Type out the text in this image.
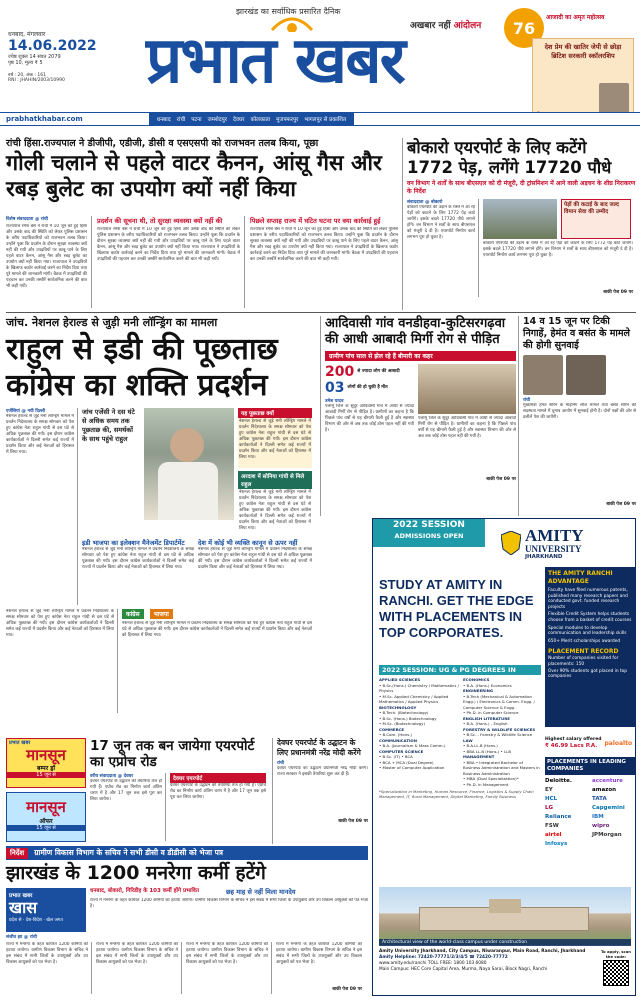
झारखंड का सर्वाधिक प्रसारित दैनिक
धनबाद, मंगलवार
14.06.2022
ज्येष्ठ शुक्ल 14 संवत 2079
पृष्ठ 10, मूल्य ₹ 5
वर्ष : 20, अंक : 161
RNI : JHAHIN/2003/10990	प्रभात खबर अखबार नहीं आंदोलन 76
आजादी का अमृत महोत्सव
देश प्रेम की खातिर जेपी से छोड़ा ब्रिटिश सरकारी स्कॉलरशिप
prabhatkhabar.com	धनबाद रांची पटना जमशेदपुर देवघर कोलकाता मुजफ्फरपुर भागलपुर से प्रकाशित
रांची हिंसा.राज्यपाल ने डीजीपी, एडीजी, डीसी व एसएसपी को राजभवन तलब किया, पूछा
गोली चलाने से पहले वाटर कैनन, आंसू गैस और रबड़ बुलेट का उपयोग क्यों नहीं किया
विशेष संवाददाता @ रांची
राज्यपाल रमेश बैस ने रांची में 10 जून को हुई हिंसा और उसके बाद की स्थिति को लेकर पुलिस प्रशासन के वरीय पदाधिकारियों को राजभवन तलब किया। उन्होंने पूछा कि प्रदर्शन के दौरान सुरक्षा व्यवस्था क्यों नहीं की गयी और उपद्रवियों पर काबू पाने के लिए पहले वाटर कैनन, आंसू गैस और रबड़ बुलेट का उपयोग क्यों नहीं किया गया। राज्यपाल ने उपद्रवियों के खिलाफ कठोर कार्रवाई करने का निर्देश दिया तथा पूरे मामले की जानकारी मांगी। बैठक में उपद्रवियों की पहचान कर उनकी तस्वीरें सार्वजनिक करने की बात भी कही गयी।
प्रदर्शन की सूचना थी, तो सुरक्षा व्यवस्था क्यों नहीं की
राज्यपाल रमेश बैस ने रांची में 10 जून को हुई हिंसा और उसके बाद की स्थिति को लेकर पुलिस प्रशासन के वरीय पदाधिकारियों को राजभवन तलब किया। उन्होंने पूछा कि प्रदर्शन के दौरान सुरक्षा व्यवस्था क्यों नहीं की गयी और उपद्रवियों पर काबू पाने के लिए पहले वाटर कैनन, आंसू गैस और रबड़ बुलेट का उपयोग क्यों नहीं किया गया। राज्यपाल ने उपद्रवियों के खिलाफ कठोर कार्रवाई करने का निर्देश दिया तथा पूरे मामले की जानकारी मांगी। बैठक में उपद्रवियों की पहचान कर उनकी तस्वीरें सार्वजनिक करने की बात भी कही गयी।
पिछले सप्ताह राज्य में घटित घटना पर क्या कार्रवाई हुई
राज्यपाल रमेश बैस ने रांची में 10 जून को हुई हिंसा और उसके बाद की स्थिति को लेकर पुलिस प्रशासन के वरीय पदाधिकारियों को राजभवन तलब किया। उन्होंने पूछा कि प्रदर्शन के दौरान सुरक्षा व्यवस्था क्यों नहीं की गयी और उपद्रवियों पर काबू पाने के लिए पहले वाटर कैनन, आंसू गैस और रबड़ बुलेट का उपयोग क्यों नहीं किया गया। राज्यपाल ने उपद्रवियों के खिलाफ कठोर कार्रवाई करने का निर्देश दिया तथा पूरे मामले की जानकारी मांगी। बैठक में उपद्रवियों की पहचान कर उनकी तस्वीरें सार्वजनिक करने की बात भी कही गयी।
बोकारो एयरपोर्ट के लिए कटेंगे 1772 पेड़, लगेंगे 17720 पौधे
वन विभाग ने शर्तों के साथ बीएसएल को दी मंजूरी, दी ट्रांसमिशन में आने वाली अड़चन के शीघ्र निराकरण के निर्देश
संवाददाता @ बोकारो
बोकारो एयरपोर्ट की उड़ान के रास्ते में आ रहे पेड़ों को काटने के लिए 1772 पेड़ काटे जायेंगे। इसके बदले 17720 पौधे लगाने होंगे। वन विभाग ने शर्तों के साथ बीएसएल को मंजूरी दे दी है। एयरपोर्ट निर्माण कार्य लगभग पूरा हो चुका है।
पेड़ों की कटाई के बाद जल्द विमान सेवा की उम्मीद
बोकारो एयरपोर्ट की उड़ान के रास्ते में आ रहे पेड़ों को काटने के लिए 1772 पेड़ काटे जायेंगे। इसके बदले 17720 पौधे लगाने होंगे। वन विभाग ने शर्तों के साथ बीएसएल को मंजूरी दे दी है। एयरपोर्ट निर्माण कार्य लगभग पूरा हो चुका है।
बाकी पेज 09 पर
जांच. नेशनल हेराल्ड से जुड़ी मनी लॉन्ड्रिंग का मामला
राहुल से इडी की पूछताछ कांग्रेस का शक्ति प्रदर्शन
एजेंसियां @ नयी दिल्ली
नेशनल हेराल्ड से जुड़े मनी लॉन्ड्रिंग मामले में प्रवर्तन निदेशालय के समक्ष सोमवार को पेश हुए कांग्रेस नेता राहुल गांधी से दस घंटे से अधिक पूछताछ की गयी। इस दौरान कांग्रेस कार्यकर्ताओं ने दिल्ली समेत कई राज्यों में प्रदर्शन किया और कई नेताओं को हिरासत में लिया गया।
जांच एजेंसी ने दस घंटे से अधिक समय तक पूछताछ की, समर्थकों के साथ पहुंचे राहुल
यह पूछताछ क्यों
नेशनल हेराल्ड से जुड़े मनी लॉन्ड्रिंग मामले में प्रवर्तन निदेशालय के समक्ष सोमवार को पेश हुए कांग्रेस नेता राहुल गांधी से दस घंटे से अधिक पूछताछ की गयी। इस दौरान कांग्रेस कार्यकर्ताओं ने दिल्ली समेत कई राज्यों में प्रदर्शन किया और कई नेताओं को हिरासत में लिया गया।
अरदाश में सोनिया गांधी से मिले राहुल
नेशनल हेराल्ड से जुड़े मनी लॉन्ड्रिंग मामले में प्रवर्तन निदेशालय के समक्ष सोमवार को पेश हुए कांग्रेस नेता राहुल गांधी से दस घंटे से अधिक पूछताछ की गयी। इस दौरान कांग्रेस कार्यकर्ताओं ने दिल्ली समेत कई राज्यों में प्रदर्शन किया और कई नेताओं को हिरासत में लिया गया।
इडी भाजपा का इलेक्शन मैनेजमेंट डिपार्टमेंट
नेशनल हेराल्ड से जुड़े मनी लॉन्ड्रिंग मामले में प्रवर्तन निदेशालय के समक्ष सोमवार को पेश हुए कांग्रेस नेता राहुल गांधी से दस घंटे से अधिक पूछताछ की गयी। इस दौरान कांग्रेस कार्यकर्ताओं ने दिल्ली समेत कई राज्यों में प्रदर्शन किया और कई नेताओं को हिरासत में लिया गया।
देश में कोई भी व्यक्ति कानून से ऊपर नहीं
नेशनल हेराल्ड से जुड़े मनी लॉन्ड्रिंग मामले में प्रवर्तन निदेशालय के समक्ष सोमवार को पेश हुए कांग्रेस नेता राहुल गांधी से दस घंटे से अधिक पूछताछ की गयी। इस दौरान कांग्रेस कार्यकर्ताओं ने दिल्ली समेत कई राज्यों में प्रदर्शन किया और कई नेताओं को हिरासत में लिया गया।
नेशनल हेराल्ड से जुड़े मनी लॉन्ड्रिंग मामले में प्रवर्तन निदेशालय के समक्ष सोमवार को पेश हुए कांग्रेस नेता राहुल गांधी से दस घंटे से अधिक पूछताछ की गयी। इस दौरान कांग्रेस कार्यकर्ताओं ने दिल्ली समेत कई राज्यों में प्रदर्शन किया और कई नेताओं को हिरासत में लिया गया।
कांग्रेस	भाजपा
नेशनल हेराल्ड से जुड़े मनी लॉन्ड्रिंग मामले में प्रवर्तन निदेशालय के समक्ष सोमवार को पेश हुए कांग्रेस नेता राहुल गांधी से दस घंटे से अधिक पूछताछ की गयी। इस दौरान कांग्रेस कार्यकर्ताओं ने दिल्ली समेत कई राज्यों में प्रदर्शन किया और कई नेताओं को हिरासत में लिया गया।
आदिवासी गांव वनडीहवा-कुटिसरगढ़वा की आधी आबादी मिर्गी रोग से पीड़ित
ग्रामीण पांच साल से झेल रहे हैं बीमारी का कहर
200 से ज्यादा लोग की आबादी
03 लोगों की हो चुकी है मौत
उमेश यादव
पलामू जिले के सुदूर आदिवासी गांव में आधी से ज्यादा आबादी मिर्गी रोग से पीड़ित है। ग्रामीणों का कहना है कि पिछले पांच वर्षों से यह बीमारी फैली हुई है और स्वास्थ्य विभाग की ओर से अब तक कोई ठोस पहल नहीं की गयी है।
पलामू जिले के सुदूर आदिवासी गांव में आधी से ज्यादा आबादी मिर्गी रोग से पीड़ित है। ग्रामीणों का कहना है कि पिछले पांच वर्षों से यह बीमारी फैली हुई है और स्वास्थ्य विभाग की ओर से अब तक कोई ठोस पहल नहीं की गयी है।
बाकी पेज 09 पर
14 व 15 जून पर टिकी निगाहें, हेमंत व बसंत के मामले की होगी सुनवाई
रांची
मुख्यमंत्री हेमंत सोरेन के माइनिंग लीज मामले तथा बसंत सोरेन की सदस्यता मामले में चुनाव आयोग में सुनवाई होनी है। दोनों पक्षों की ओर से दलीलें पेश की जायेंगी।
बाकी पेज 09 पर
प्रभात खबर
मानसून
बम्पर ड्रॉ
15 जून से
मानसून
ऑफर
15 जून से
17 जून तक बन जायेगा एयरपोर्ट का एप्रोच रोड
वरीय संवाददाता @ देवघर
देवघर एयरपोर्ट के उद्घाटन की तैयारियां तेज हो गयी हैं। एप्रोच रोड का निर्माण कार्य अंतिम चरण में है और 17 जून तक इसे पूरा कर लिया जायेगा।
देवघर एयरपोर्ट
देवघर एयरपोर्ट के उद्घाटन की तैयारियां तेज हो गयी हैं। एप्रोच रोड का निर्माण कार्य अंतिम चरण में है और 17 जून तक इसे पूरा कर लिया जायेगा।
देवघर एयरपोर्ट के उद्घाटन के लिए प्रधानमंत्री नरेंद्र मोदी करेंगे
रांची
देवघर एयरपोर्ट का उद्घाटन प्रधानमंत्री नरेंद्र मोदी करेंगे। राज्य सरकार ने इसकी तैयारियां शुरू कर दी हैं।
बाकी पेज 09 पर
निर्देश	ग्रामीण विकास विभाग के सचिव ने सभी डीसी व डीडीसी को भेजा पत्र
झारखंड के 1200 मनरेगा कर्मी हटेंगे
प्रभात खबर
खास
प्रदेश से · देश-विदेश · खेल जगत
धनबाद, बोकारो, गिरिडीह के 103 कर्मी होंगे प्रभावित	छह माह से नहीं मिला मानदेय
राज्य में मनरेगा के तहत कार्यरत 1200 कर्मियों को हटाया जायेगा। ग्रामीण विकास विभाग के सचिव ने इस संबंध में सभी जिलों के उपायुक्तों और उप विकास आयुक्तों को पत्र भेजा है।
संजीव झा @ रांची
राज्य में मनरेगा के तहत कार्यरत 1200 कर्मियों को हटाया जायेगा। ग्रामीण विकास विभाग के सचिव ने इस संबंध में सभी जिलों के उपायुक्तों और उप विकास आयुक्तों को पत्र भेजा है।
राज्य में मनरेगा के तहत कार्यरत 1200 कर्मियों को हटाया जायेगा। ग्रामीण विकास विभाग के सचिव ने इस संबंध में सभी जिलों के उपायुक्तों और उप विकास आयुक्तों को पत्र भेजा है।
राज्य में मनरेगा के तहत कार्यरत 1200 कर्मियों को हटाया जायेगा। ग्रामीण विकास विभाग के सचिव ने इस संबंध में सभी जिलों के उपायुक्तों और उप विकास आयुक्तों को पत्र भेजा है।
राज्य में मनरेगा के तहत कार्यरत 1200 कर्मियों को हटाया जायेगा। ग्रामीण विकास विभाग के सचिव ने इस संबंध में सभी जिलों के उपायुक्तों और उप विकास आयुक्तों को पत्र भेजा है।
बाकी पेज 09 पर
2022 SESSION
ADMISSIONS OPEN	AMITY
UNIVERSITY
JHARKHAND
STUDY AT AMITY IN RANCHI. GET THE EDGE WITH PLACEMENTS IN TOP CORPORATES.
THE AMITY RANCHI ADVANTAGE
Faculty have filed numerous patents, published many research papers and conducted govt. funded research projects
Flexible Credit System helps students choose from a basket of credit courses
Special modules to develop communication and leadership skills
650+ Merit scholarships awarded
PLACEMENT RECORD
Number of companies visited for placements: 150
Over 90% students got placed in top companies
2022 SESSION: UG & PG DEGREES IN
APPLIED SCIENCES
• B.Sc.(Hons.) Chemistry / Mathematics / Physics
• M.Sc. Applied Chemistry / Applied Mathematics / Applied Physics
BIOTECHNOLOGY
• B.Tech. (Biotechnology)
• B.Sc. (Hons.) Biotechnology
• M.Sc. (Biotechnology)
COMMERCE
• B.Com. (Hons.)
COMMUNICATION
• B.A. (Journalism & Mass Comm.)
COMPUTER SCIENCE
• B.Sc. (IT) • BCA
• BCA + MCA (Dual Degree)
• Master of Computer Application
ECONOMICS
• B.A. (Hons.) Economics
ENGINEERING
• B.Tech (Mechanical & Automation Engg.) / Electronics & Comm. Engg. / Computer Science & Engg.
• Ph.D. in Computer Science
ENGLISH LITERATURE
• B.A. (Hons.) - English
FORESTRY & WILDLIFE SCIENCES
• B.Sc. - Forestry & Wildlife Science
LAW
• B.A.LL.B (Hons.)
• BBA LL.B (Hons.) • LLB
MANAGEMENT
• BBA • Integrated Bachelor of Business Administration and Masters in Business Administration
• MBA (Dual Specialization)*
• Ph.D. in Management
*Specialization in Marketing, Human Resource, Finance, Logistics & Supply Chain Management, IT, Rural Management, Digital Marketing, Family Business
Highest salary offered
₹ 46.99 Lacs P.A.	paloalto
PLACEMENTS IN LEADING COMPANIES
Deloitte.	accenture
EY	amazon
HCL	TATA
LG	Capgemini
Reliance	IBM
FSW	wipro
airtel	JPMorgan
Infosys
Architectural view of the world-class campus under construction
Amity University Jharkhand, City Campus, Niwaranpur, Main Road, Ranchi, Jharkhand
Amity Helpline: 72420-77771/2/3/4/5 ☎ 72420-77772
www.amity.edu/ranchi TOLL FREE: 1800 103 6080
Main Campus: HEC Core Capital Area, Murma, Naya Sarai, Block Nagri, Ranchi
To apply, scan the code:
